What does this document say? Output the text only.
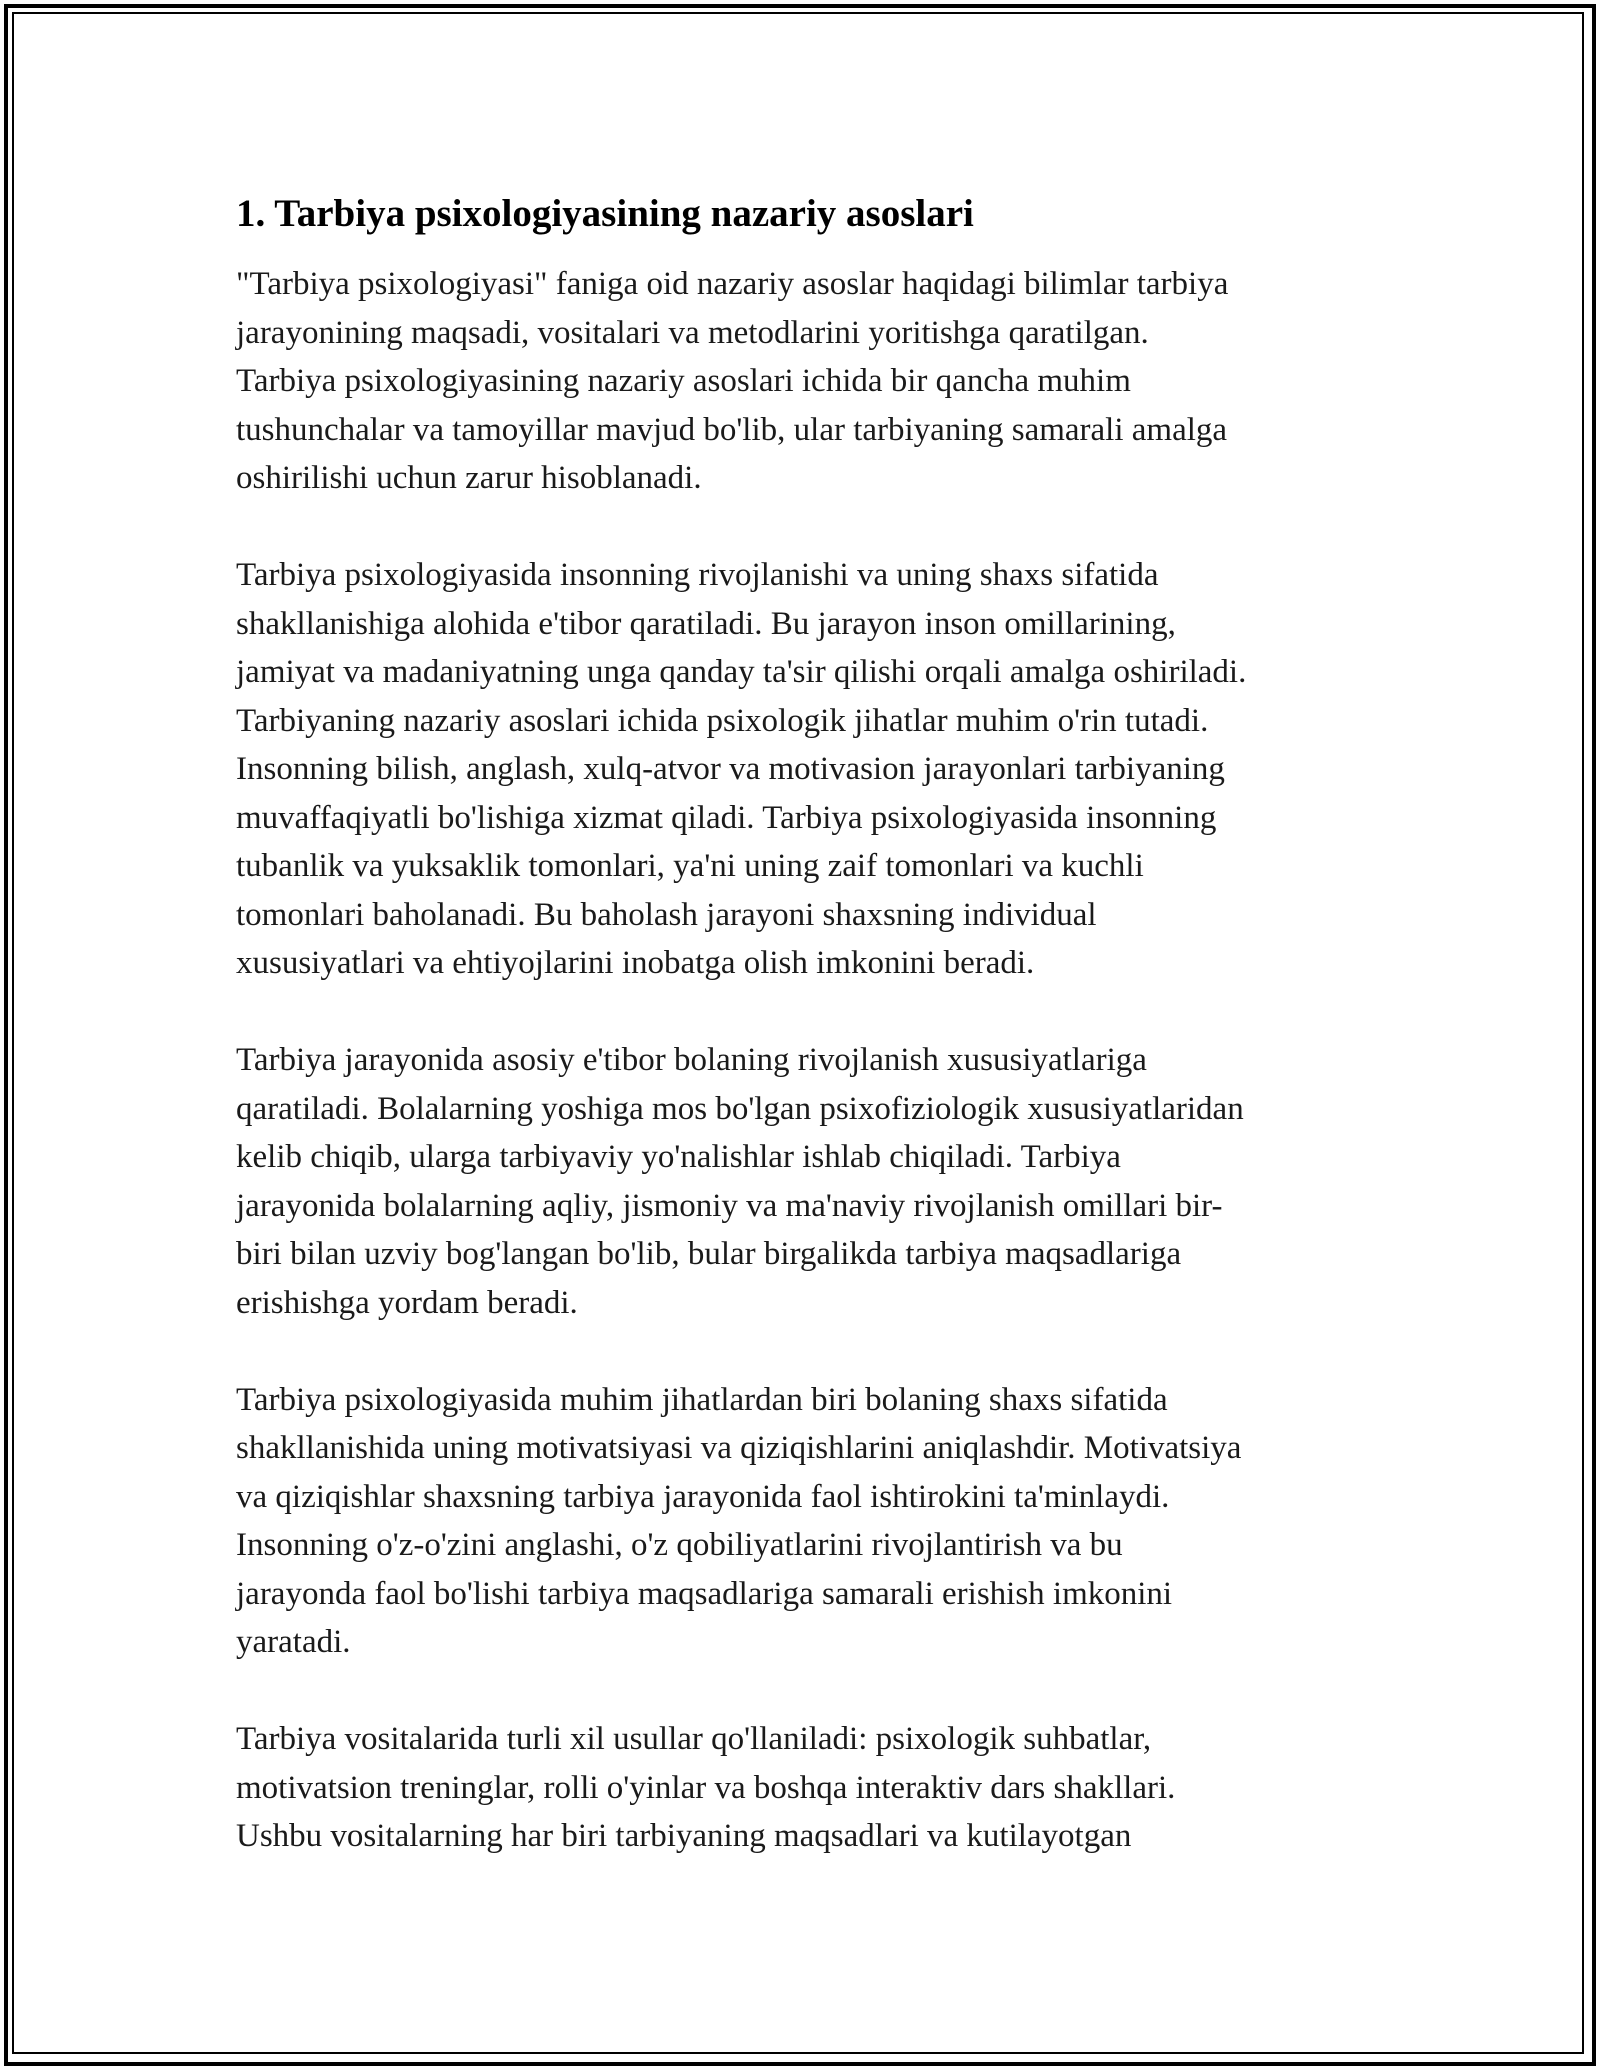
1. Tarbiya psixologiyasining nazariy asoslari
"Tarbiya psixologiyasi" faniga oid nazariy asoslar haqidagi bilimlar tarbiya
jarayonining maqsadi, vositalari va metodlarini yoritishga qaratilgan.
Tarbiya psixologiyasining nazariy asoslari ichida bir qancha muhim
tushunchalar va tamoyillar mavjud bo'lib, ular tarbiyaning samarali amalga
oshirilishi uchun zarur hisoblanadi.
Tarbiya psixologiyasida insonning rivojlanishi va uning shaxs sifatida
shakllanishiga alohida e'tibor qaratiladi. Bu jarayon inson omillarining,
jamiyat va madaniyatning unga qanday ta'sir qilishi orqali amalga oshiriladi.
Tarbiyaning nazariy asoslari ichida psixologik jihatlar muhim o'rin tutadi.
Insonning bilish, anglash, xulq-atvor va motivasion jarayonlari tarbiyaning
muvaffaqiyatli bo'lishiga xizmat qiladi. Tarbiya psixologiyasida insonning
tubanlik va yuksaklik tomonlari, ya'ni uning zaif tomonlari va kuchli
tomonlari baholanadi. Bu baholash jarayoni shaxsning individual
xususiyatlari va ehtiyojlarini inobatga olish imkonini beradi.
Tarbiya jarayonida asosiy e'tibor bolaning rivojlanish xususiyatlariga
qaratiladi. Bolalarning yoshiga mos bo'lgan psixofiziologik xususiyatlaridan
kelib chiqib, ularga tarbiyaviy yo'nalishlar ishlab chiqiladi. Tarbiya
jarayonida bolalarning aqliy, jismoniy va ma'naviy rivojlanish omillari bir-
biri bilan uzviy bog'langan bo'lib, bular birgalikda tarbiya maqsadlariga
erishishga yordam beradi.
Tarbiya psixologiyasida muhim jihatlardan biri bolaning shaxs sifatida
shakllanishida uning motivatsiyasi va qiziqishlarini aniqlashdir. Motivatsiya
va qiziqishlar shaxsning tarbiya jarayonida faol ishtirokini ta'minlaydi.
Insonning o'z-o'zini anglashi, o'z qobiliyatlarini rivojlantirish va bu
jarayonda faol bo'lishi tarbiya maqsadlariga samarali erishish imkonini
yaratadi.
Tarbiya vositalarida turli xil usullar qo'llaniladi: psixologik suhbatlar,
motivatsion treninglar, rolli o'yinlar va boshqa interaktiv dars shakllari.
Ushbu vositalarning har biri tarbiyaning maqsadlari va kutilayotgan
